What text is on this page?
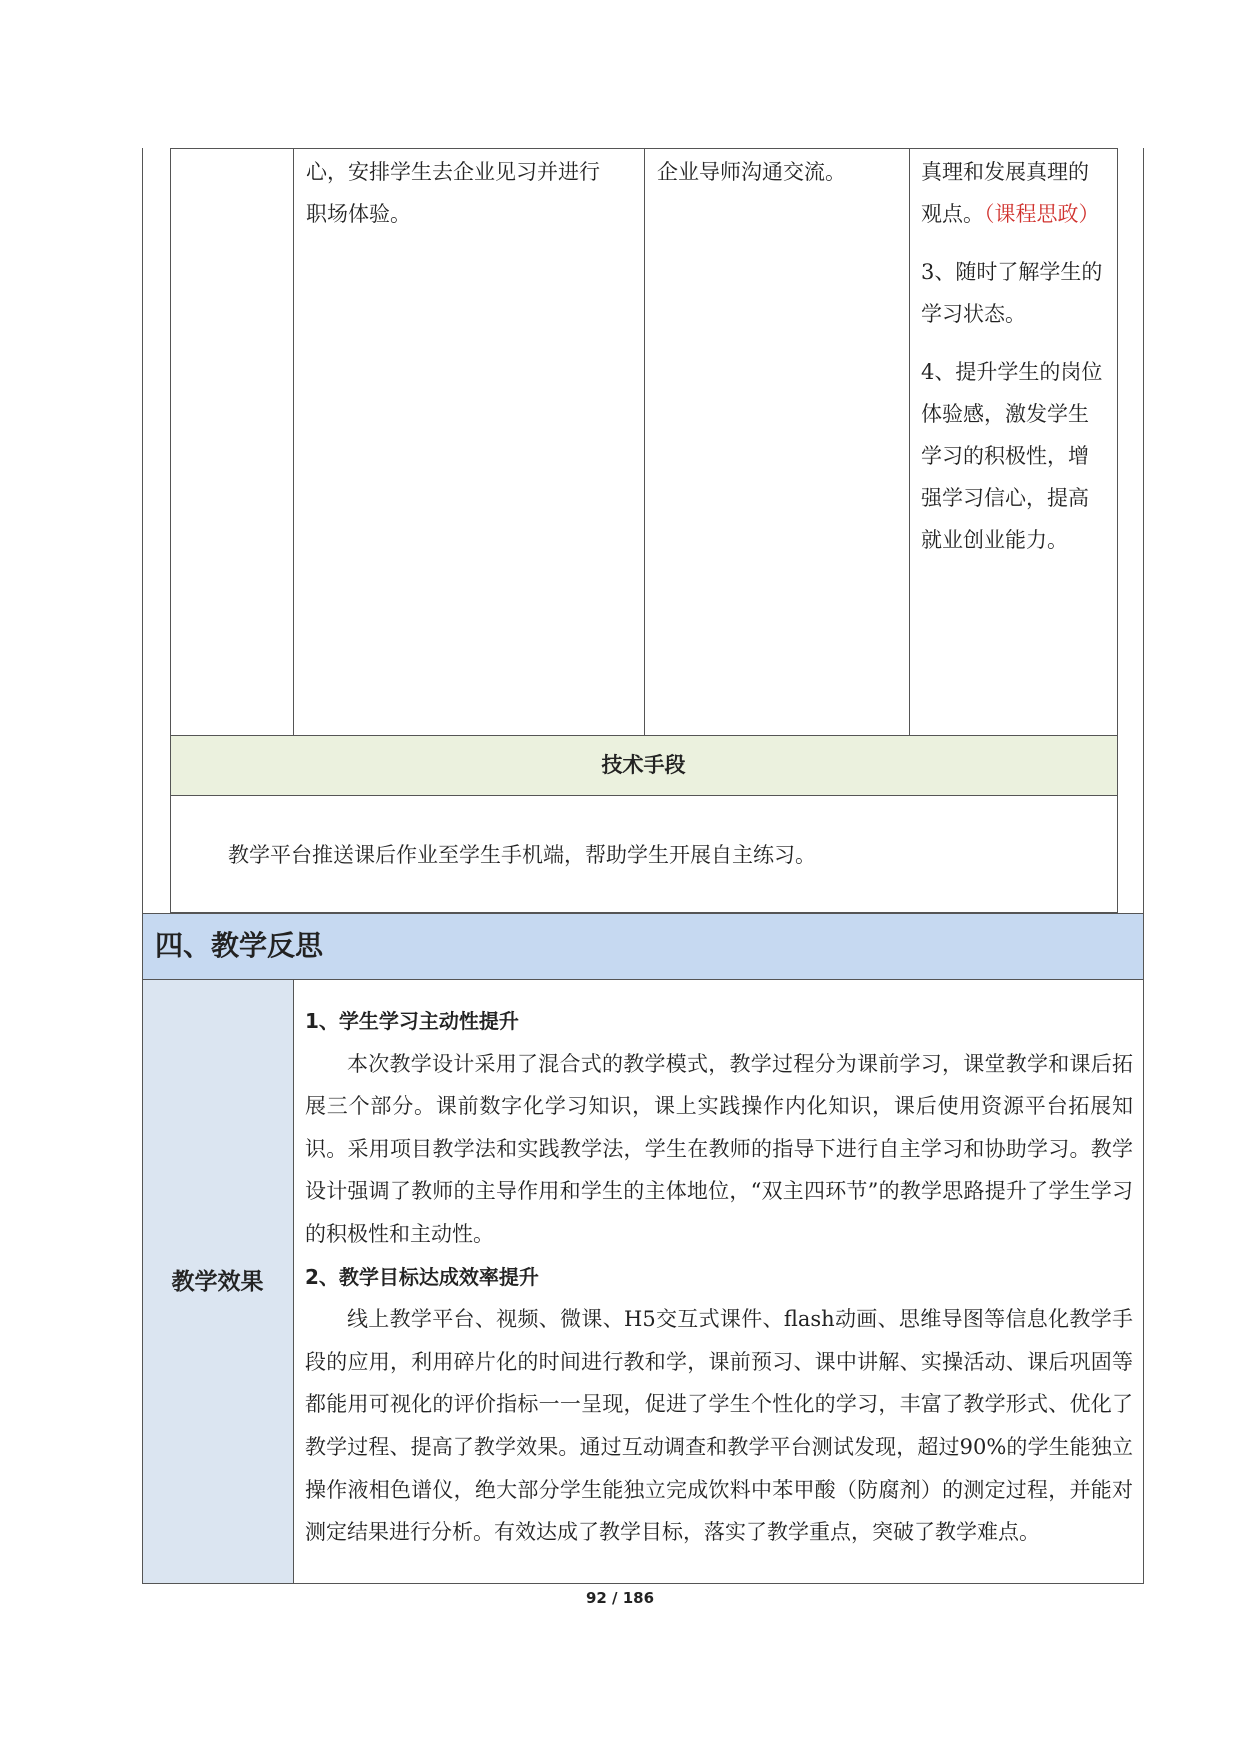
心，安排学生去企业见习并进行
职场体验。
企业导师沟通交流。	真理和发展真理的
观点。（课程思政）
3、随时了解学生的
学习状态。
4、提升学生的岗位
体验感，激发学生
学习的积极性，增
强学习信心，提高
就业创业能力。
技术手段
教学平台推送课后作业至学生手机端，帮助学生开展自主练习。
四、教学反思
教学效果

1、学生学习主动性提升

本次教学设计采用了混合式的教学模式，教学过程分为课前学习，课堂教学和课后拓展三个部分。课前数字化学习知识，课上实践操作内化知识，课后使用资源平台拓展知识。采用项目教学法和实践教学法，学生在教师的指导下进行自主学习和协助学习。教学设计强调了教师的主导作用和学生的主体地位，“双主四环节”的教学思路提升了学生学习的积极性和主动性。

2、教学目标达成效率提升

线上教学平台、视频、微课、H5交互式课件、flash动画、思维导图等信息化教学手段的应用，利用碎片化的时间进行教和学，课前预习、课中讲解、实操活动、课后巩固等都能用可视化的评价指标一一呈现，促进了学生个性化的学习，丰富了教学形式、优化了教学过程、提高了教学效果。通过互动调查和教学平台测试发现，超过90%的学生能独立操作液相色谱仪，绝大部分学生能独立完成饮料中苯甲酸（防腐剂）的测定过程，并能对测定结果进行分析。有效达成了教学目标，落实了教学重点，突破了教学难点。

92 / 186
